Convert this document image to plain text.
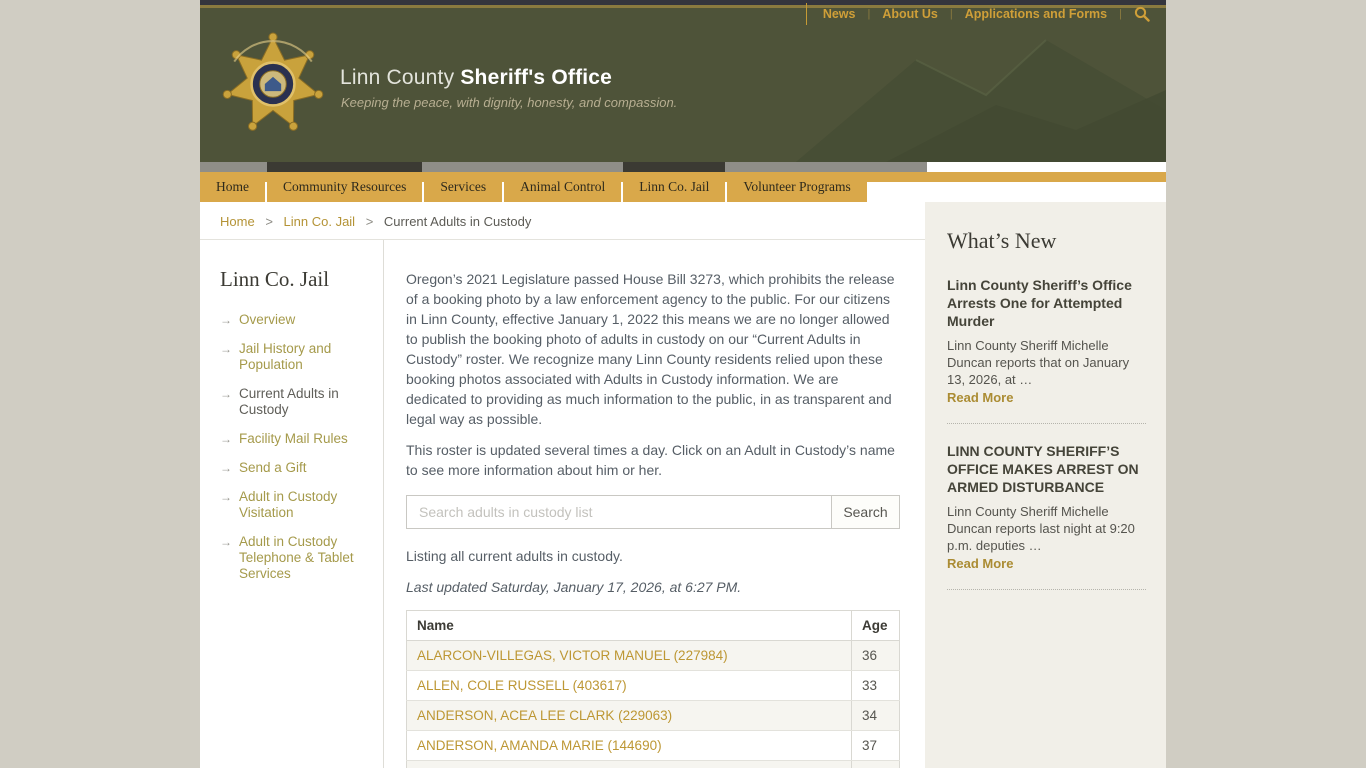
News | About Us | Applications and Forms |
Linn County Sheriff's Office
Keeping the peace, with dignity, honesty, and compassion.
Home	Community Resources	Services	Animal Control	Linn Co. Jail	Volunteer Programs
Home > Linn Co. Jail > Current Adults in Custody
Linn Co. Jail
→ Overview
→ Jail History and Population
→ Current Adults in Custody
→ Facility Mail Rules
→ Send a Gift
→ Adult in Custody Visitation
→ Adult in Custody Telephone & Tablet Services

Oregon’s 2021 Legislature passed House Bill 3273, which prohibits the release of a booking photo by a law enforcement agency to the public. For our citizens in Linn County, effective January 1, 2022 this means we are no longer allowed to publish the booking photo of adults in custody on our “Current Adults in Custody” roster. We recognize many Linn County residents relied upon these booking photos associated with Adults in Custody information. We are dedicated to providing as much information to the public, in as transparent and legal way as possible.

This roster is updated several times a day. Click on an Adult in Custody’s name to see more information about him or her.

Search adults in custody list
Search

Listing all current adults in custody.

Last updated Saturday, January 17, 2026, at 6:27 PM.

Name	Age
ALARCON-VILLEGAS, VICTOR MANUEL (227984)	36
ALLEN, COLE RUSSELL (403617)	33
ANDERSON, ACEA LEE CLARK (229063)	34
ANDERSON, AMANDA MARIE (144690)	37

What’s New
Linn County Sheriff’s Office Arrests One for Attempted Murder
Linn County Sheriff Michelle Duncan reports that on January 13, 2026, at …
Read More
LINN COUNTY SHERIFF’S OFFICE MAKES ARREST ON ARMED DISTURBANCE
Linn County Sheriff Michelle Duncan reports last night at 9:20 p.m. deputies …
Read More
